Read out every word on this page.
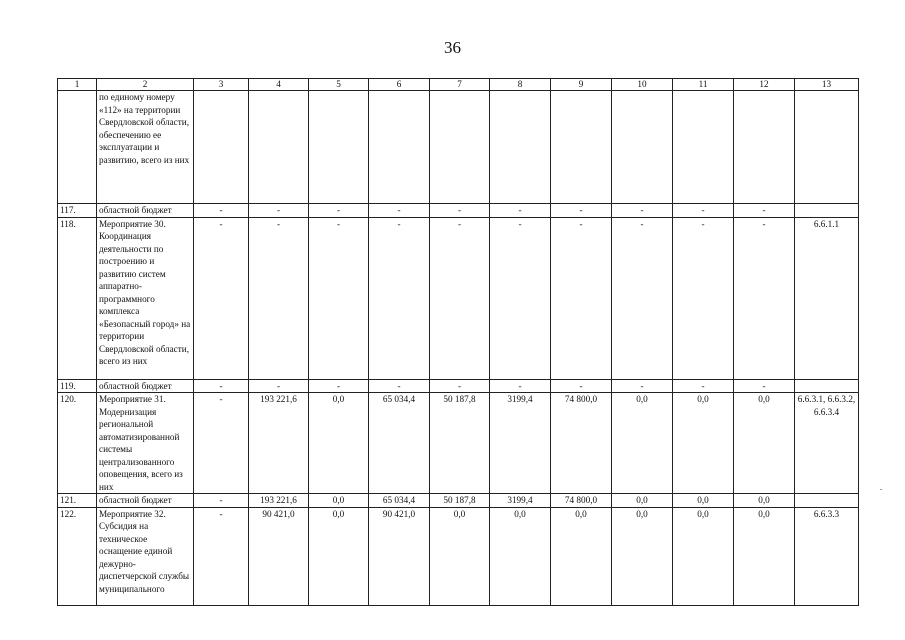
36
1	2	3	4	5	6	7	8	9	10	11	12	13
	по единому номеру «112» на территории Свердловской области, обеспечению ее эксплуатации и развитию, всего из них											
117.	областной бюджет	-	-	-	-	-	-	-	-	-	-	
118.	Мероприятие 30. Координация деятельности по построению и развитию систем аппаратно-программного комплекса «Безопасный город» на территории Свердловской области, всего из них	-	-	-	-	-	-	-	-	-	-	6.6.1.1
119.	областной бюджет	-	-	-	-	-	-	-	-	-	-	
120.	Мероприятие 31. Модернизация региональной автоматизированной системы централизованного оповещения, всего из них	-	193 221,6	0,0	65 034,4	50 187,8	3199,4	74 800,0	0,0	0,0	0,0	6.6.3.1, 6.6.3.2, 6.6.3.4
121.	областной бюджет	-	193 221,6	0,0	65 034,4	50 187,8	3199,4	74 800,0	0,0	0,0	0,0	
122.	Мероприятие 32. Субсидия на техническое оснащение единой дежурно-диспетчерской службы муниципального	-	90 421,0	0,0	90 421,0	0,0	0,0	0,0	0,0	0,0	0,0	6.6.3.3
